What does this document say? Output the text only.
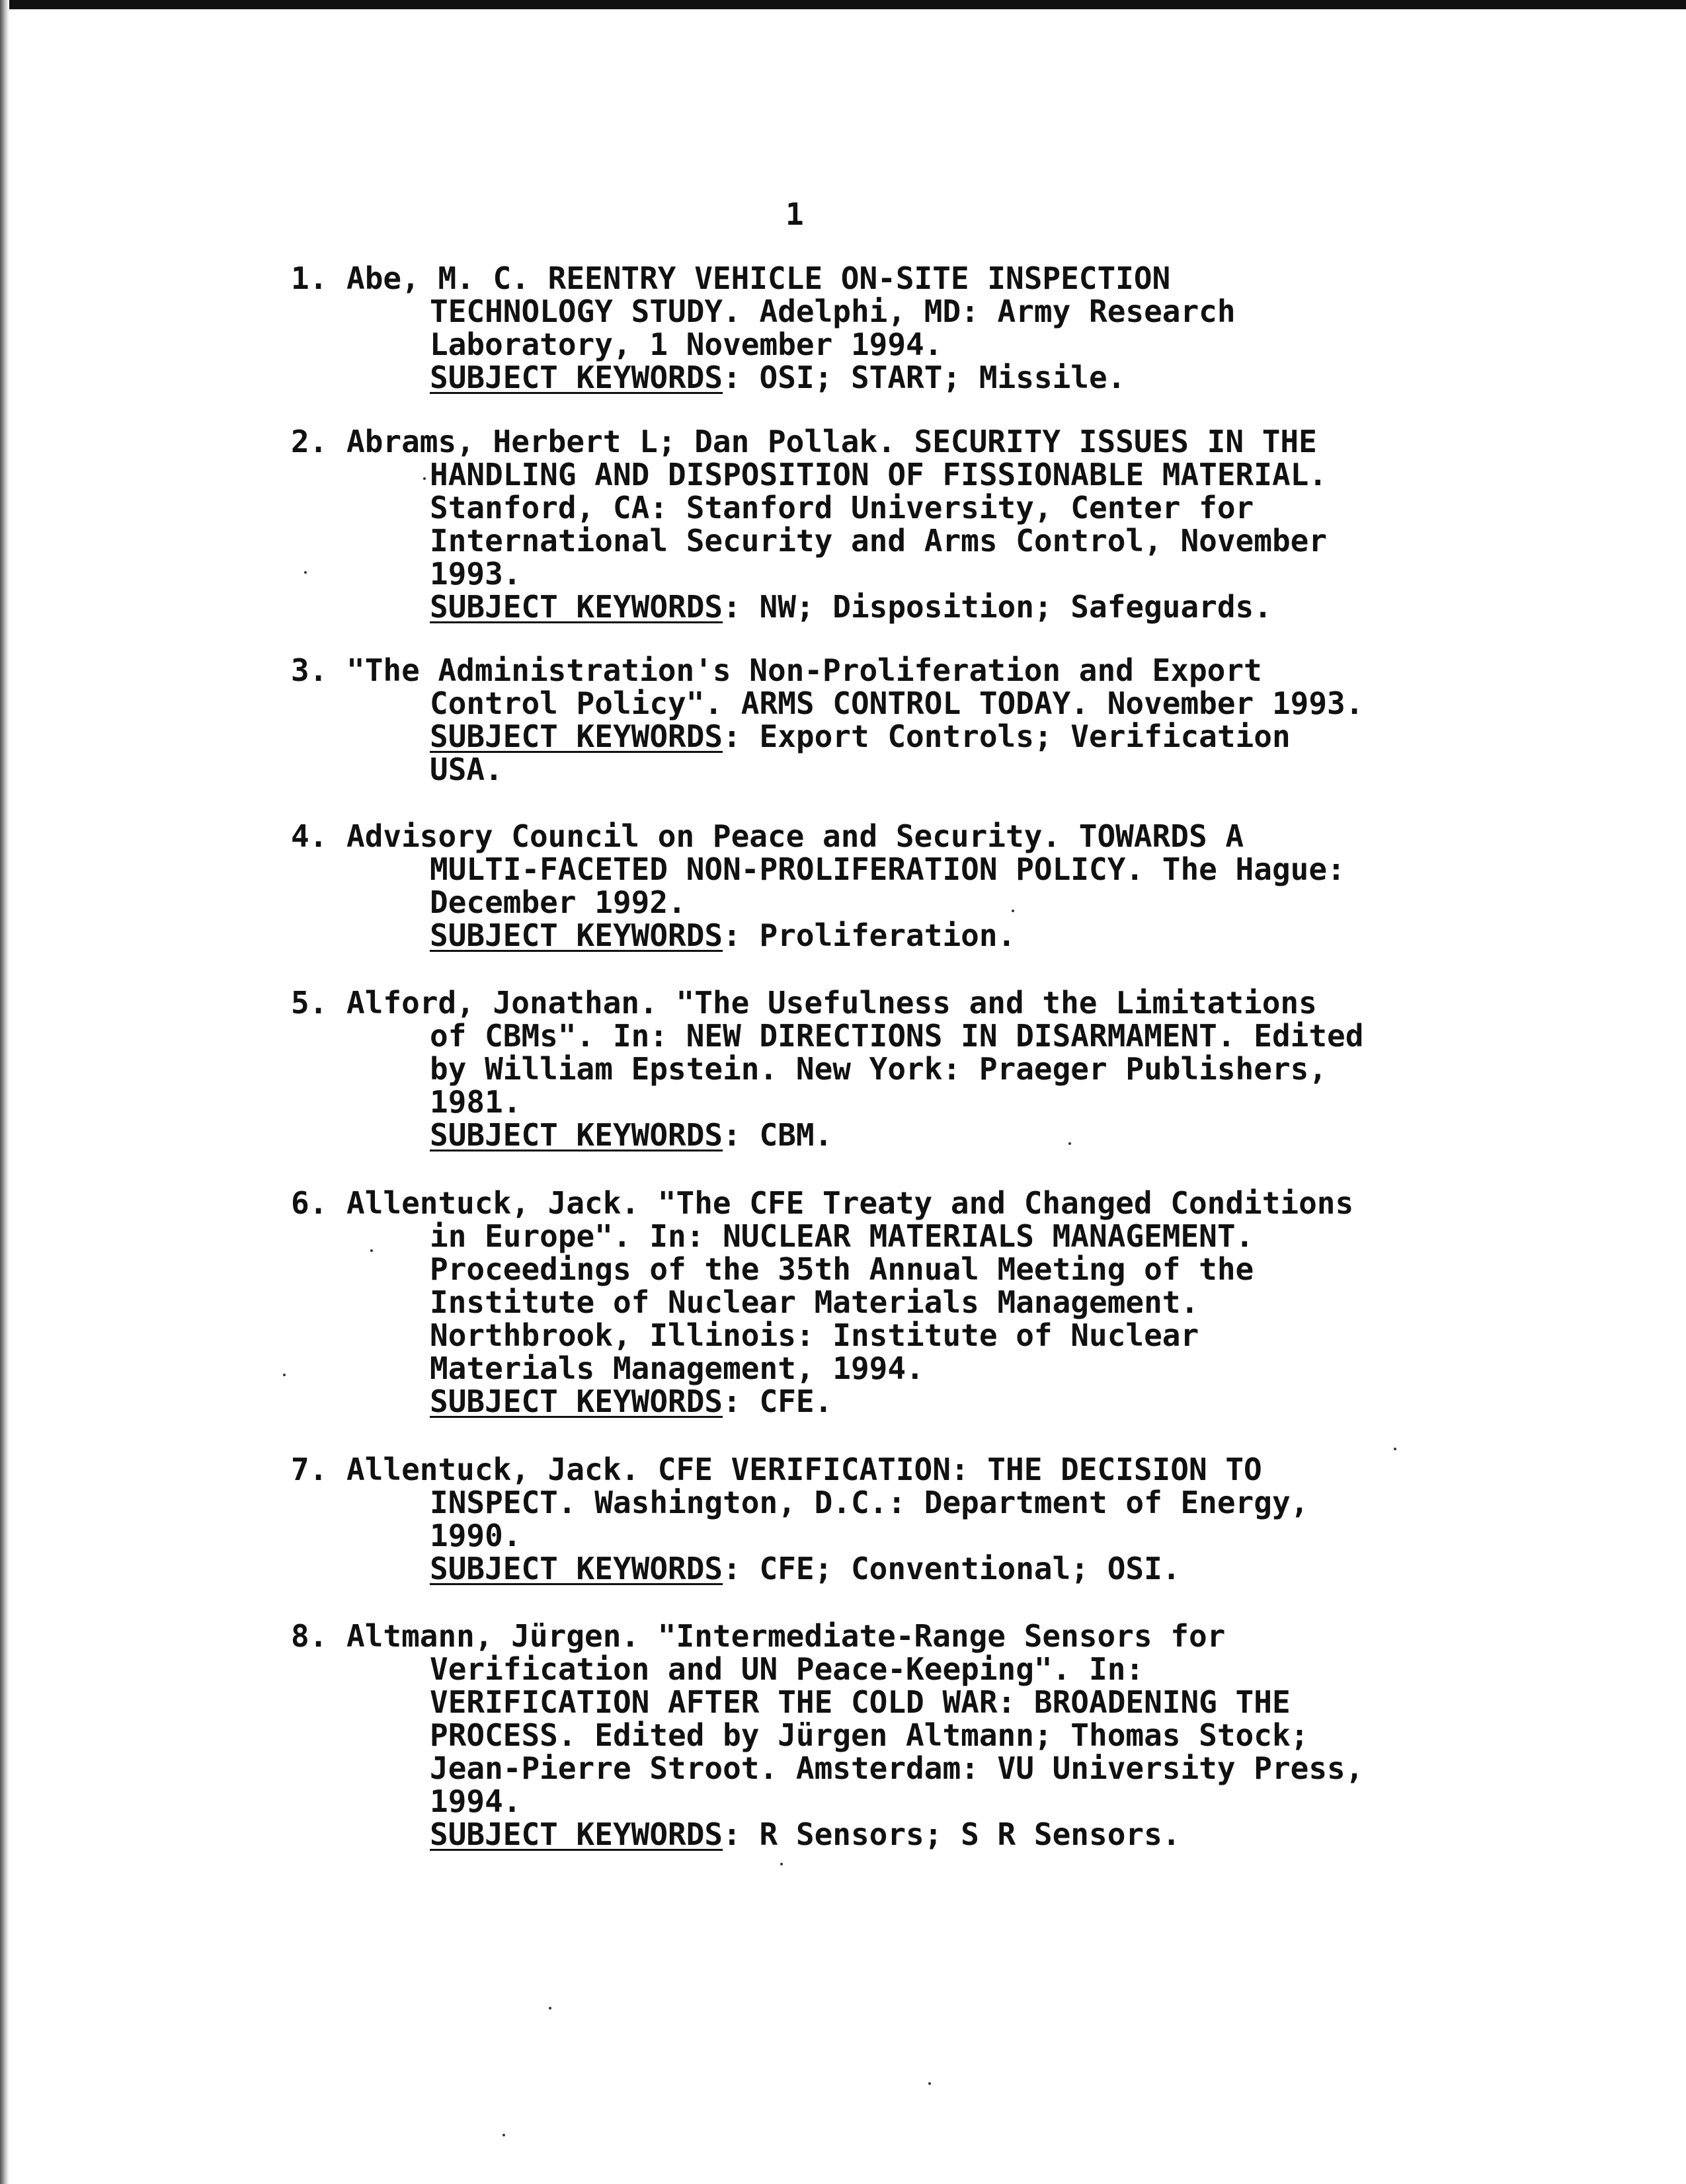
1
1. Abe, M. C. REENTRY VEHICLE ON-SITE INSPECTION
TECHNOLOGY STUDY. Adelphi, MD: Army Research
Laboratory, 1 November 1994.
SUBJECT KEYWORDS: OSI; START; Missile.
2. Abrams, Herbert L; Dan Pollak. SECURITY ISSUES IN THE
HANDLING AND DISPOSITION OF FISSIONABLE MATERIAL.
Stanford, CA: Stanford University, Center for
International Security and Arms Control, November
1993.
SUBJECT KEYWORDS: NW; Disposition; Safeguards.
3. "The Administration's Non-Proliferation and Export
Control Policy". ARMS CONTROL TODAY. November 1993.
SUBJECT KEYWORDS: Export Controls; Verification
USA.
4. Advisory Council on Peace and Security. TOWARDS A
MULTI-FACETED NON-PROLIFERATION POLICY. The Hague:
December 1992.
SUBJECT KEYWORDS: Proliferation.
5. Alford, Jonathan. "The Usefulness and the Limitations
of CBMs". In: NEW DIRECTIONS IN DISARMAMENT. Edited
by William Epstein. New York: Praeger Publishers,
1981.
SUBJECT KEYWORDS: CBM.
6. Allentuck, Jack. "The CFE Treaty and Changed Conditions
in Europe". In: NUCLEAR MATERIALS MANAGEMENT.
Proceedings of the 35th Annual Meeting of the
Institute of Nuclear Materials Management.
Northbrook, Illinois: Institute of Nuclear
Materials Management, 1994.
SUBJECT KEYWORDS: CFE.
7. Allentuck, Jack. CFE VERIFICATION: THE DECISION TO
INSPECT. Washington, D.C.: Department of Energy,
1990.
SUBJECT KEYWORDS: CFE; Conventional; OSI.
8. Altmann, Jürgen. "Intermediate-Range Sensors for
Verification and UN Peace-Keeping". In:
VERIFICATION AFTER THE COLD WAR: BROADENING THE
PROCESS. Edited by Jürgen Altmann; Thomas Stock;
Jean-Pierre Stroot. Amsterdam: VU University Press,
1994.
SUBJECT KEYWORDS: R Sensors; S R Sensors.
